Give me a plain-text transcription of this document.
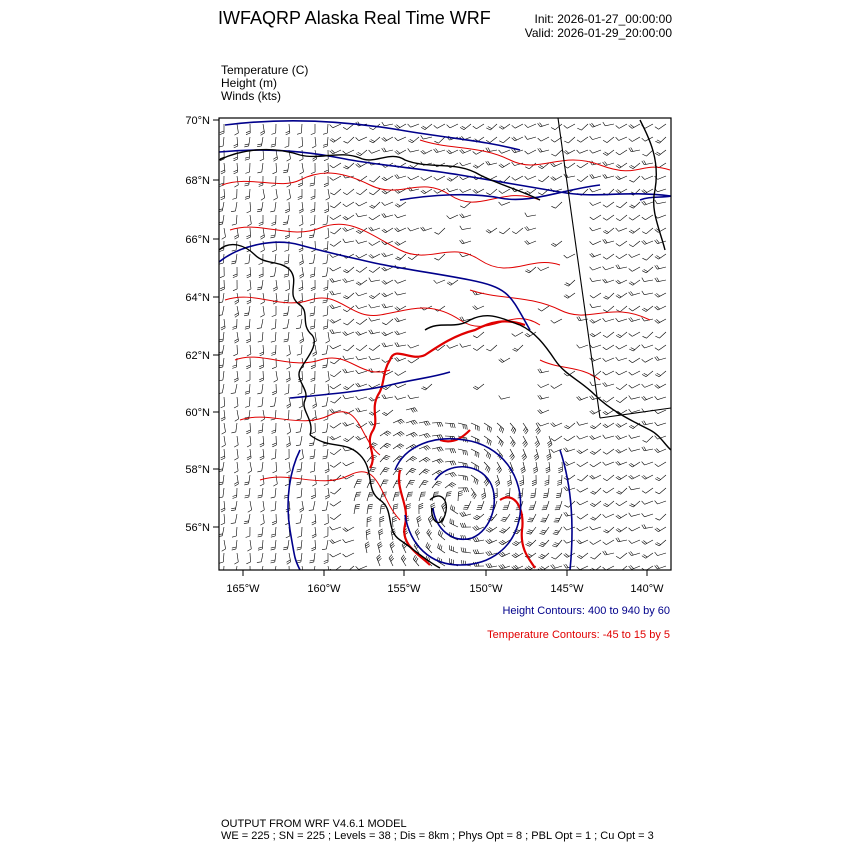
IWFAQRP Alaska Real Time WRF	Init: 2026-01-27_00:00:00
Valid: 2026-01-29_20:00:00
Temperature (C)
Height (m)
Winds (kts)
70°N
68°N
66°N
64°N
62°N
60°N
58°N
56°N
165°W	160°W	155°W	150°W	145°W	140°W
Height Contours: 400 to 940 by 60
Temperature Contours: -45 to 15 by 5
OUTPUT FROM WRF V4.6.1 MODEL
WE = 225 ; SN = 225 ; Levels = 38 ; Dis = 8km ; Phys Opt = 8 ; PBL Opt = 1 ; Cu Opt = 3
